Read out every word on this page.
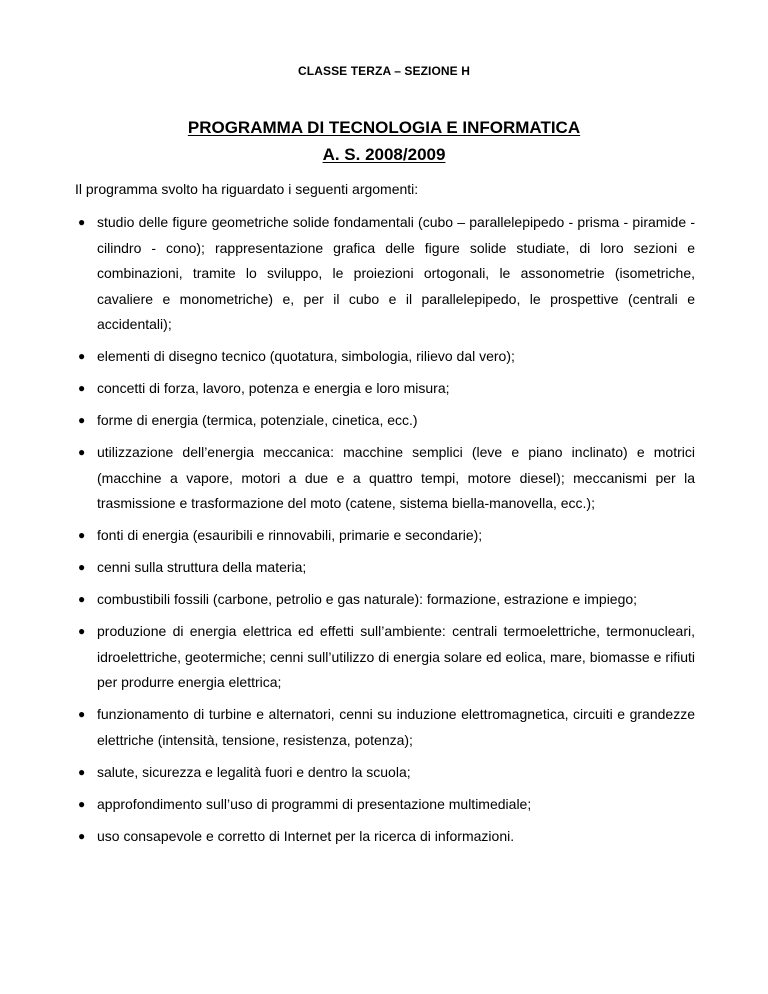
CLASSE TERZA – SEZIONE H
PROGRAMMA DI TECNOLOGIA E INFORMATICA
A. S. 2008/2009
Il programma svolto ha riguardato i seguenti argomenti:
● studio delle figure geometriche solide fondamentali (cubo – parallelepipedo - prisma - piramide - cilindro - cono); rappresentazione grafica delle figure solide studiate, di loro sezioni e combinazioni, tramite lo sviluppo, le proiezioni ortogonali, le assonometrie (isometriche, cavaliere e monometriche) e, per il cubo e il parallelepipedo, le prospettive (centrali e accidentali);
● elementi di disegno tecnico (quotatura, simbologia, rilievo dal vero);
● concetti di forza, lavoro, potenza e energia e loro misura;
● forme di energia (termica, potenziale, cinetica, ecc.)
● utilizzazione dell’energia meccanica: macchine semplici (leve e piano inclinato) e motrici (macchine a vapore, motori a due e a quattro tempi, motore diesel); meccanismi per la trasmissione e trasformazione del moto (catene, sistema biella-manovella, ecc.);
● fonti di energia (esauribili e rinnovabili, primarie e secondarie);
● cenni sulla struttura della materia;
● combustibili fossili (carbone, petrolio e gas naturale): formazione, estrazione e impiego;
● produzione di energia elettrica ed effetti sull’ambiente: centrali termoelettriche, termonucleari, idroelettriche, geotermiche; cenni sull’utilizzo di energia solare ed eolica, mare, biomasse e rifiuti per produrre energia elettrica;
● funzionamento di turbine e alternatori, cenni su induzione elettromagnetica, circuiti e grandezze elettriche (intensità, tensione, resistenza, potenza);
● salute, sicurezza e legalità fuori e dentro la scuola;
● approfondimento sull’uso di programmi di presentazione multimediale;
● uso consapevole e corretto di Internet per la ricerca di informazioni.
